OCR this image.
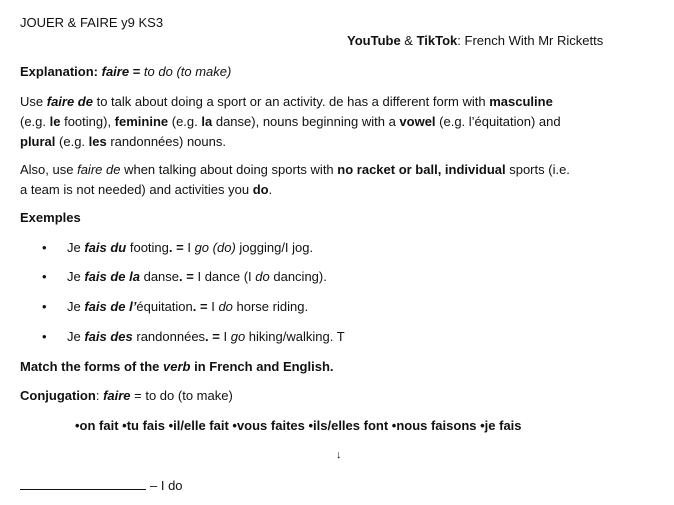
JOUER & FAIRE y9 KS3
YouTube & TikTok: French With Mr Ricketts
Explanation: faire = to do (to make)
Use faire de to talk about doing a sport or an activity. de has a different form with masculine
(e.g. le footing), feminine (e.g. la danse), nouns beginning with a vowel (e.g. l’équitation) and
plural (e.g. les randonnées) nouns.
Also, use faire de when talking about doing sports with no racket or ball, individual sports (i.e.
a team is not needed) and activities you do.
Exemples
• Je fais du footing. = I go (do) jogging/I jog.
• Je fais de la danse. = I dance (I do dancing).
• Je fais de l’équitation. = I do horse riding.
• Je fais des randonnées. = I go hiking/walking. T
Match the forms of the verb in French and English.
Conjugation: faire = to do (to make)
•on fait •tu fais •il/elle fait •vous faites •ils/elles font •nous faisons •je fais
↓
– I do
